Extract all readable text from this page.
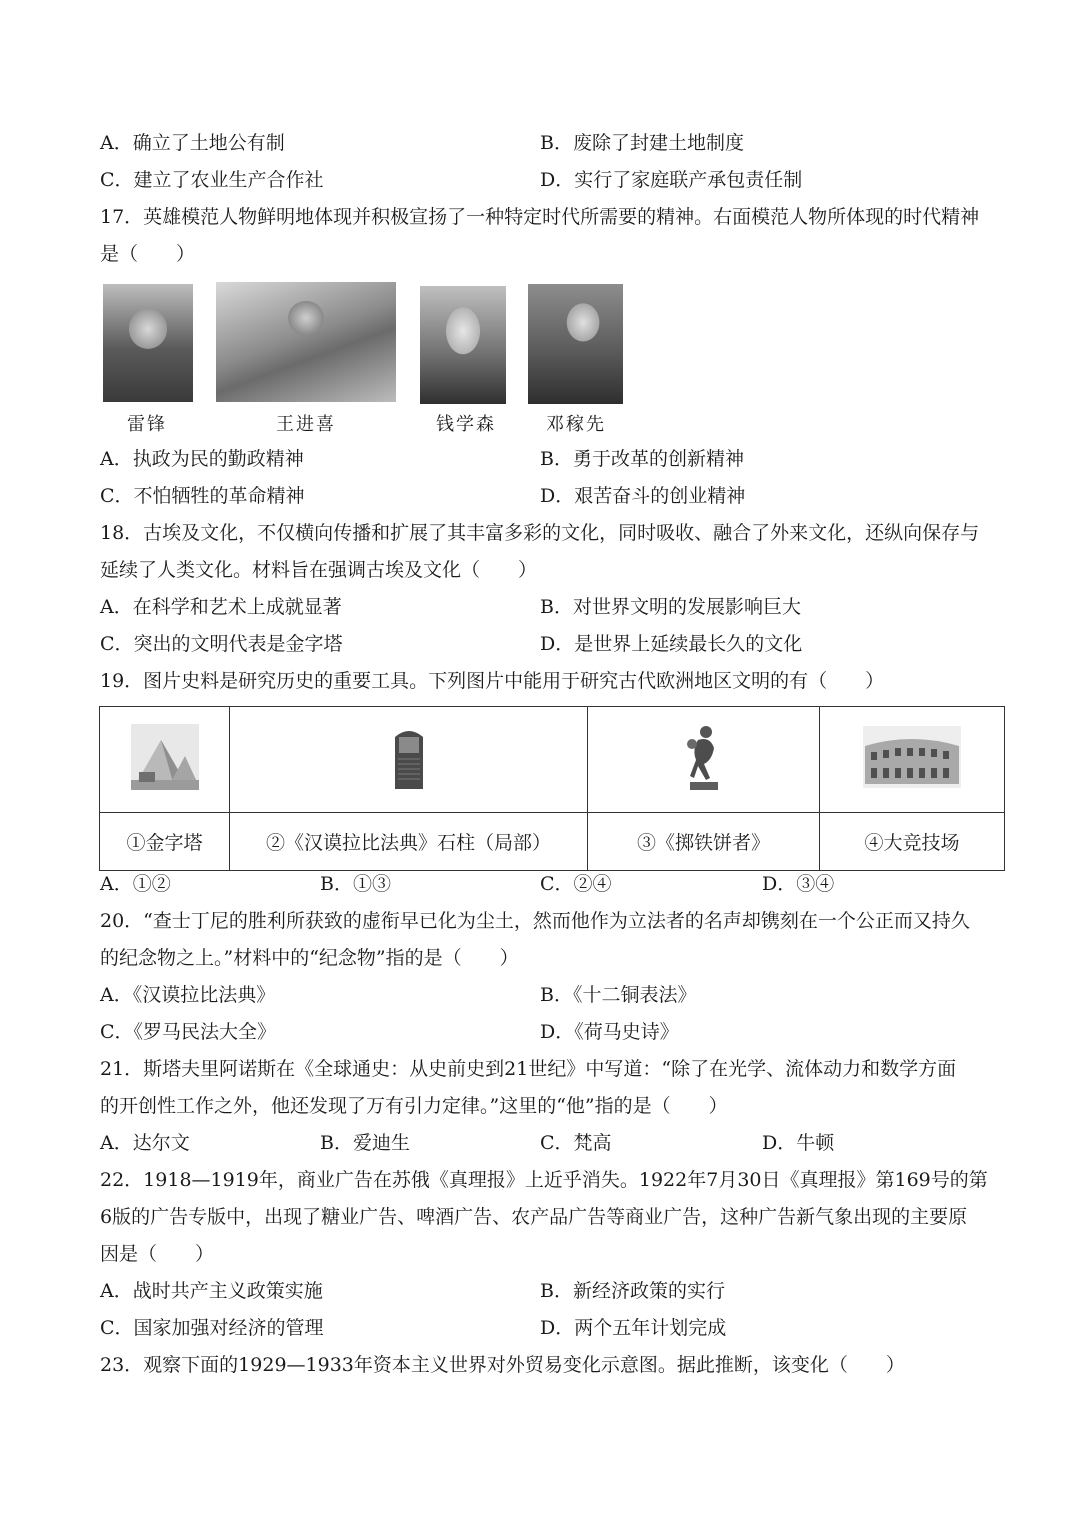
A．确立了土地公有制	B．废除了封建土地制度
C．建立了农业生产合作社	D．实行了家庭联产承包责任制
17．英雄模范人物鲜明地体现并积极宣扬了一种特定时代所需要的精神。右面模范人物所体现的时代精神
是（　　）
雷锋	王进喜	钱学森	邓稼先
A．执政为民的勤政精神	B．勇于改革的创新精神
C．不怕牺牲的革命精神	D．艰苦奋斗的创业精神
18．古埃及文化，不仅横向传播和扩展了其丰富多彩的文化，同时吸收、融合了外来文化，还纵向保存与
延续了人类文化。材料旨在强调古埃及文化（　　）
A．在科学和艺术上成就显著	B．对世界文明的发展影响巨大
C．突出的文明代表是金字塔	D．是世界上延续最长久的文化
19．图片史料是研究历史的重要工具。下列图片中能用于研究古代欧洲地区文明的有（　　）

①金字塔	②《汉谟拉比法典》石柱（局部）	③《掷铁饼者》	④大竞技场
A．①②	B．①③	C．②④	D．③④
20．“查士丁尼的胜利所获致的虚衔早已化为尘土，然而他作为立法者的名声却镌刻在一个公正而又持久
的纪念物之上。”材料中的“纪念物”指的是（　　）
A．《汉谟拉比法典》	B．《十二铜表法》
C．《罗马民法大全》	D．《荷马史诗》
21．斯塔夫里阿诺斯在《全球通史：从史前史到21世纪》中写道：“除了在光学、流体动力和数学方面
的开创性工作之外，他还发现了万有引力定律。”这里的“他”指的是（　　）
A．达尔文	B．爱迪生	C．梵高	D．牛顿
22．1918—1919年，商业广告在苏俄《真理报》上近乎消失。1922年7月30日《真理报》第169号的第
6版的广告专版中，出现了糖业广告、啤酒广告、农产品广告等商业广告，这种广告新气象出现的主要原
因是（　　）
A．战时共产主义政策实施	B．新经济政策的实行
C．国家加强对经济的管理	D．两个五年计划完成
23．观察下面的1929—1933年资本主义世界对外贸易变化示意图。据此推断，该变化（　　）
